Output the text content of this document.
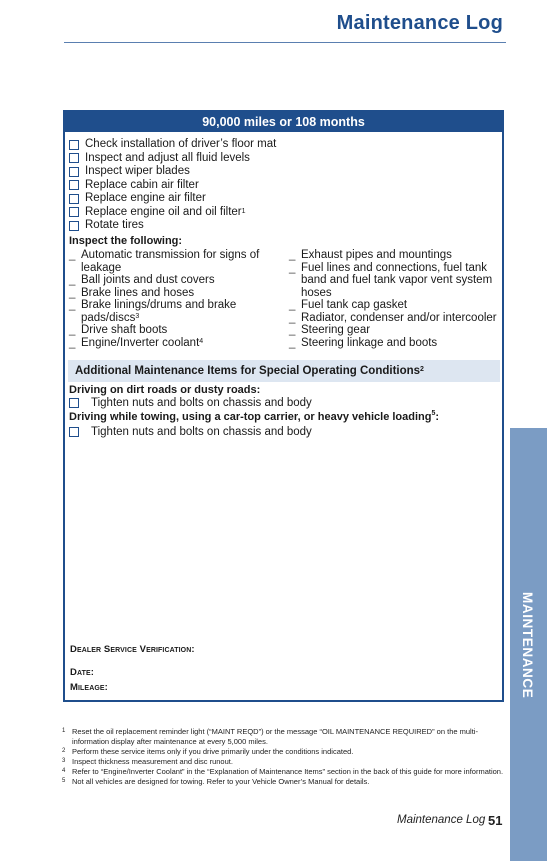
Maintenance Log
90,000 miles or 108 months
Check installation of driver’s floor mat
Inspect and adjust all fluid levels
Inspect wiper blades
Replace cabin air filter
Replace engine air filter
Replace engine oil and oil filter$^1$
Rotate tires
Inspect the following:
_ Automatic transmission for signs of leakage
_ Ball joints and dust covers
_ Brake lines and hoses
_ Brake linings/drums and brake pads/discs$^3$
_ Drive shaft boots
_ Engine/Inverter coolant$^4$
_ Exhaust pipes and mountings
_ Fuel lines and connections, fuel tank band and fuel tank vapor vent system hoses
_ Fuel tank cap gasket
_ Radiator, condenser and/or intercooler
_ Steering gear
_ Steering linkage and boots
Additional Maintenance Items for Special Operating Conditions$^2$
Driving on dirt roads or dusty roads:
Tighten nuts and bolts on chassis and body
Driving while towing, using a car-top carrier, or heavy vehicle loading$^5$:
Tighten nuts and bolts on chassis and body
Dealer Service Verification:
Date:
Mileage:
1 Reset the oil replacement reminder light (“MAINT REQD”) or the message “OIL MAINTENANCE REQUIRED” on the multi-information display after maintenance at every 5,000 miles.
2 Perform these service items only if you drive primarily under the conditions indicated.
3 Inspect thickness measurement and disc runout.
4 Refer to “Engine/Inverter Coolant” in the “Explanation of Maintenance Items” section in the back of this guide for more information.
5 Not all vehicles are designed for towing. Refer to your Vehicle Owner’s Manual for details.
Maintenance Log 51
MAINTENANCE
